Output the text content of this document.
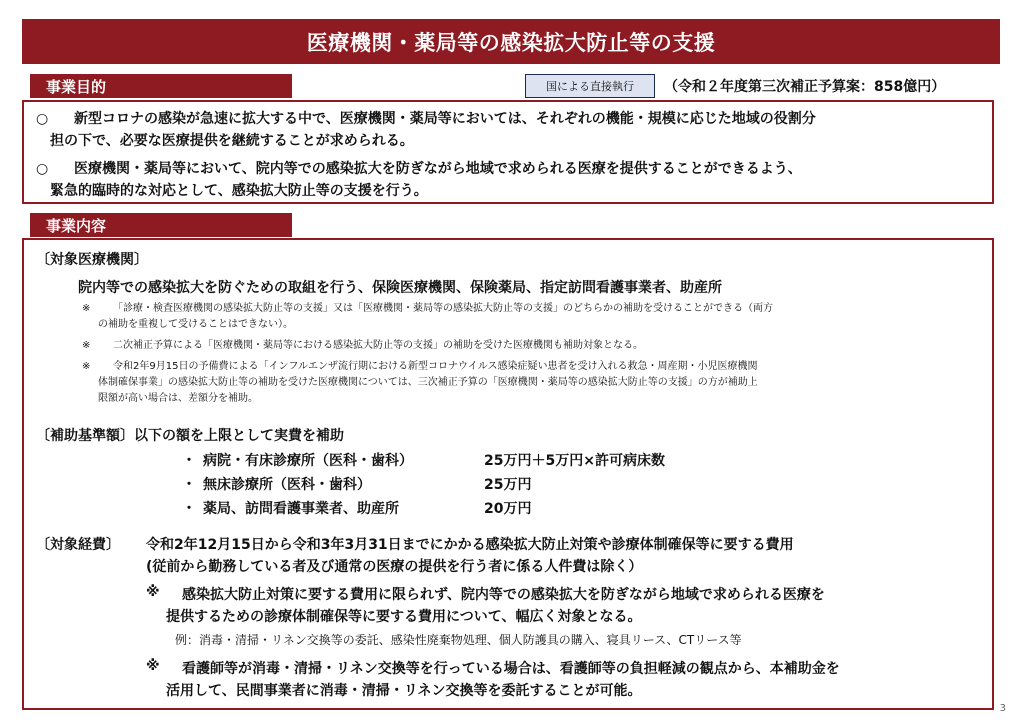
医療機関・薬局等の感染拡大防止等の支援
事業目的	国による直接執行	（令和２年度第三次補正予算案：858億円）
○ 新型コロナの感染が急速に拡大する中で、医療機関・薬局等においては、それぞれの機能・規模に応じた地域の役割分
担の下で、必要な医療提供を継続することが求められる。
○ 医療機関・薬局等において、院内等での感染拡大を防ぎながら地域で求められる医療を提供することができるよう、
緊急的臨時的な対応として、感染拡大防止等の支援を行う。
事業内容
〔対象医療機関〕
院内等での感染拡大を防ぐための取組を行う、保険医療機関、保険薬局、指定訪問看護事業者、助産所
※ 「診療・検査医療機関の感染拡大防止等の支援」又は「医療機関・薬局等の感染拡大防止等の支援」のどちらかの補助を受けることができる（両方
の補助を重複して受けることはできない）。
※ 二次補正予算による「医療機関・薬局等における感染拡大防止等の支援」の補助を受けた医療機関も補助対象となる。
※ 令和2年9月15日の予備費による「インフルエンザ流行期における新型コロナウイルス感染症疑い患者を受け入れる救急・周産期・小児医療機関
体制確保事業」の感染拡大防止等の補助を受けた医療機関については、三次補正予算の「医療機関・薬局等の感染拡大防止等の支援」の方が補助上
限額が高い場合は、差額分を補助。
〔補助基準額〕以下の額を上限として実費を補助
・ 病院・有床診療所（医科・歯科）	25万円＋5万円×許可病床数
・ 無床診療所（医科・歯科）	25万円
・ 薬局、訪問看護事業者、助産所	20万円
〔対象経費〕 令和2年12月15日から令和3年3月31日までにかかる感染拡大防止対策や診療体制確保等に要する費用
(従前から勤務している者及び通常の医療の提供を行う者に係る人件費は除く）
※ 感染拡大防止対策に要する費用に限られず、院内等での感染拡大を防ぎながら地域で求められる医療を
提供するための診療体制確保等に要する費用について、幅広く対象となる。
例：消毒・清掃・リネン交換等の委託、感染性廃棄物処理、個人防護具の購入、寝具リース、CTリース等
※ 看護師等が消毒・清掃・リネン交換等を行っている場合は、看護師等の負担軽減の観点から、本補助金を
活用して、民間事業者に消毒・清掃・リネン交換等を委託することが可能。
3
